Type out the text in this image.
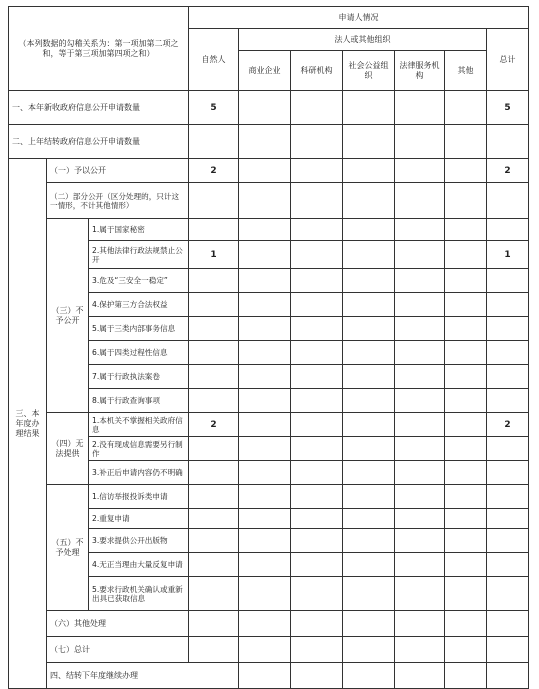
（本列数据的勾稽关系为：第一项加第二项之和，等于第三项加第四项之和）			申请人情况							
			自然人	法人或其他组织					总计	
				商业企业	科研机构	社会公益组织	法律服务机构	其他		
一、本年新收政府信息公开申请数量			5						5	
二、上年结转政府信息公开申请数量										
三、本年度办理结果	（一）予以公开		2						2	
	（二）部分公开（区分处理的，只计这一情形，不计其他情形）									
	（三）不予公开	1.属于国家秘密								
		2.其他法律行政法规禁止公开	1						1	
		3.危及“三安全一稳定”								
		4.保护第三方合法权益								
		5.属于三类内部事务信息								
		6.属于四类过程性信息								
		7.属于行政执法案卷								
		8.属于行政查询事项								
	（四）无法提供	1.本机关不掌握相关政府信息	2						2	
		2.没有现成信息需要另行制作								
		3.补正后申请内容仍不明确								
	（五）不予处理	1.信访举报投诉类申请								
		2.重复申请								
		3.要求提供公开出版物								
		4.无正当理由大量反复申请								
		5.要求行政机关确认或重新出具已获取信息								
	（六）其他处理									
	（七）总计									
	四、结转下年度继续办理									
